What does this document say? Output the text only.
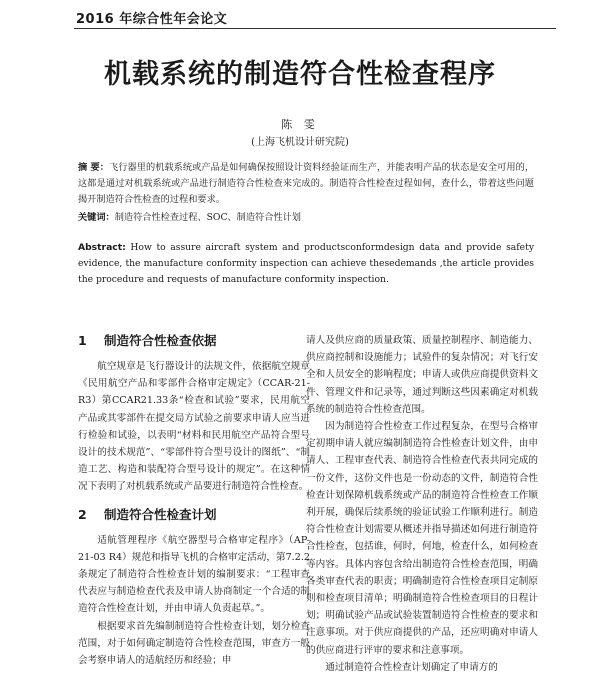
2016 年综合性年会论文
机载系统的制造符合性检查程序
陈 雯
(上海飞机设计研究院)
摘 要：飞行器里的机载系统或产品是如何确保按照设计资料经验证而生产，并能表明产品的状态是安全可用的，这都是通过对机载系统或产品进行制造符合性检查来完成的。制造符合性检查过程如何，查什么，带着这些问题揭开制造符合性检查的过程和要求。
关键词：制造符合性检查过程、SOC、制造符合性计划
Abstract: How to assure aircraft system and productsconformdesign data and provide safety evidence, the manufacture conformity inspection can achieve thesedemands ,the article provides the procedure and requests of manufacture conformity inspection.
1 制造符合性检查依据

航空规章是飞行器设计的法规文件，依据航空规章《民用航空产品和零部件合格审定规定》（CCAR-21-R3）第CCAR21.33条“检查和试验”要求，民用航空产品或其零部件在提交局方试验之前要求申请人应当进行检验和试验，以表明“材料和民用航空产品符合型号设计的技术规范”、“零部件符合型号设计的图纸”、“制造工艺、构造和装配符合型号设计的规定”。在这种情况下表明了对机载系统或产品要进行制造符合性检查。

2 制造符合性检查计划

适航管理程序《航空器型号合格审定程序》（AP-21-03 R4）规范和指导飞机的合格审定活动，第7.2.2条规定了制造符合性检查计划的编制要求：“工程审查代表应与制造检查代表及申请人协商制定一个合适的制造符合性检查计划，并由申请人负责起草。”。

根据要求首先编制制造符合性检查计划，划分检查范围，对于如何确定制造符合性检查范围，审查方一般会考察申请人的适航经历和经验；申

请人及供应商的质量政策、质量控制程序、制造能力、供应商控制和设施能力；试验件的复杂情况；对飞行安全和人员安全的影响程度；申请人或供应商提供资料文件、管理文件和记录等，通过判断这些因素确定对机载系统的制造符合性检查范围。

因为制造符合性检查工作过程复杂，在型号合格审定初期申请人就应编制制造符合性检查计划文件，由申请人、工程审查代表、制造符合性检查代表共同完成的一份文件，这份文件也是一份动态的文件，制造符合性检查计划保障机载系统或产品的制造符合性检查工作顺利开展，确保后续系统的验证试验工作顺利进行。制造符合性检查计划需要从概述并指导描述如何进行制造符合性检查，包括谁，何时，何地，检查什么，如何检查等内容。具体内容包含给出制造符合性检查范围，明确各类审查代表的职责；明确制造符合性检查项目定制原则和检查项目清单；明确制造符合性检查项目的日程计划；明确试验产品或试验装置制造符合性检查的要求和注意事项。对于供应商提供的产品，还应明确对申请人的供应商进行评审的要求和注意事项。

通过制造符合性检查计划确定了申请方的
